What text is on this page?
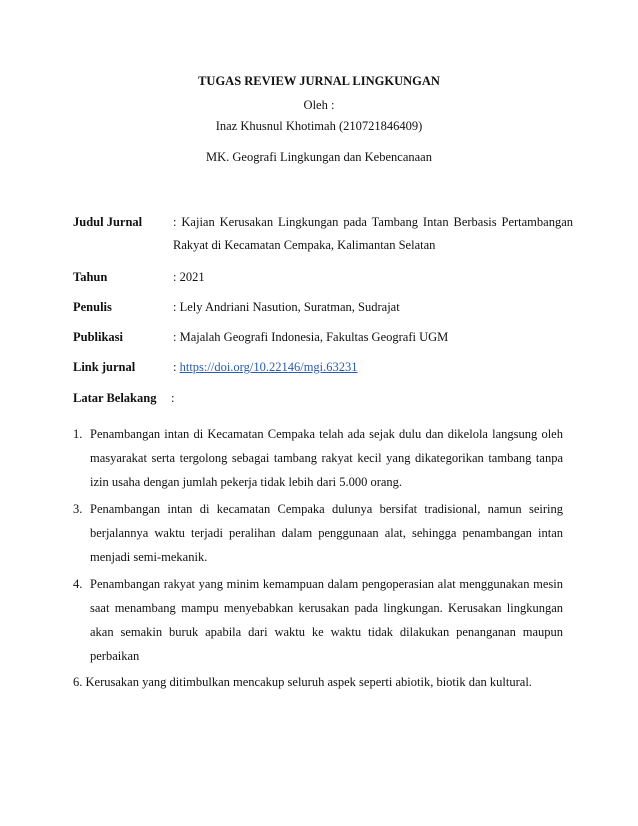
TUGAS REVIEW JURNAL LINGKUNGAN
Oleh :
Inaz Khusnul Khotimah (210721846409)
MK. Geografi Lingkungan dan Kebencanaan
Judul Jurnal : Kajian Kerusakan Lingkungan pada Tambang Intan Berbasis Pertambangan Rakyat di Kecamatan Cempaka, Kalimantan Selatan
Tahun	: 2021
Penulis	: Lely Andriani Nasution, Suratman, Sudrajat
Publikasi	: Majalah Geografi Indonesia, Fakultas Geografi UGM
Link jurnal	: https://doi.org/10.22146/mgi.63231
Latar Belakang :
1. Penambangan intan di Kecamatan Cempaka telah ada sejak dulu dan dikelola langsung oleh masyarakat serta tergolong sebagai tambang rakyat kecil yang dikategorikan tambang tanpa izin usaha dengan jumlah pekerja tidak lebih dari 5.000 orang.
3. Penambangan intan di kecamatan Cempaka dulunya bersifat tradisional, namun seiring berjalannya waktu terjadi peralihan dalam penggunaan alat, sehingga penambangan intan menjadi semi-mekanik.
4. Penambangan rakyat yang minim kemampuan dalam pengoperasian alat menggunakan mesin saat menambang mampu menyebabkan kerusakan pada lingkungan. Kerusakan lingkungan akan semakin buruk apabila dari waktu ke waktu tidak dilakukan penanganan maupun perbaikan
6. Kerusakan yang ditimbulkan mencakup seluruh aspek seperti abiotik, biotik dan kultural.
